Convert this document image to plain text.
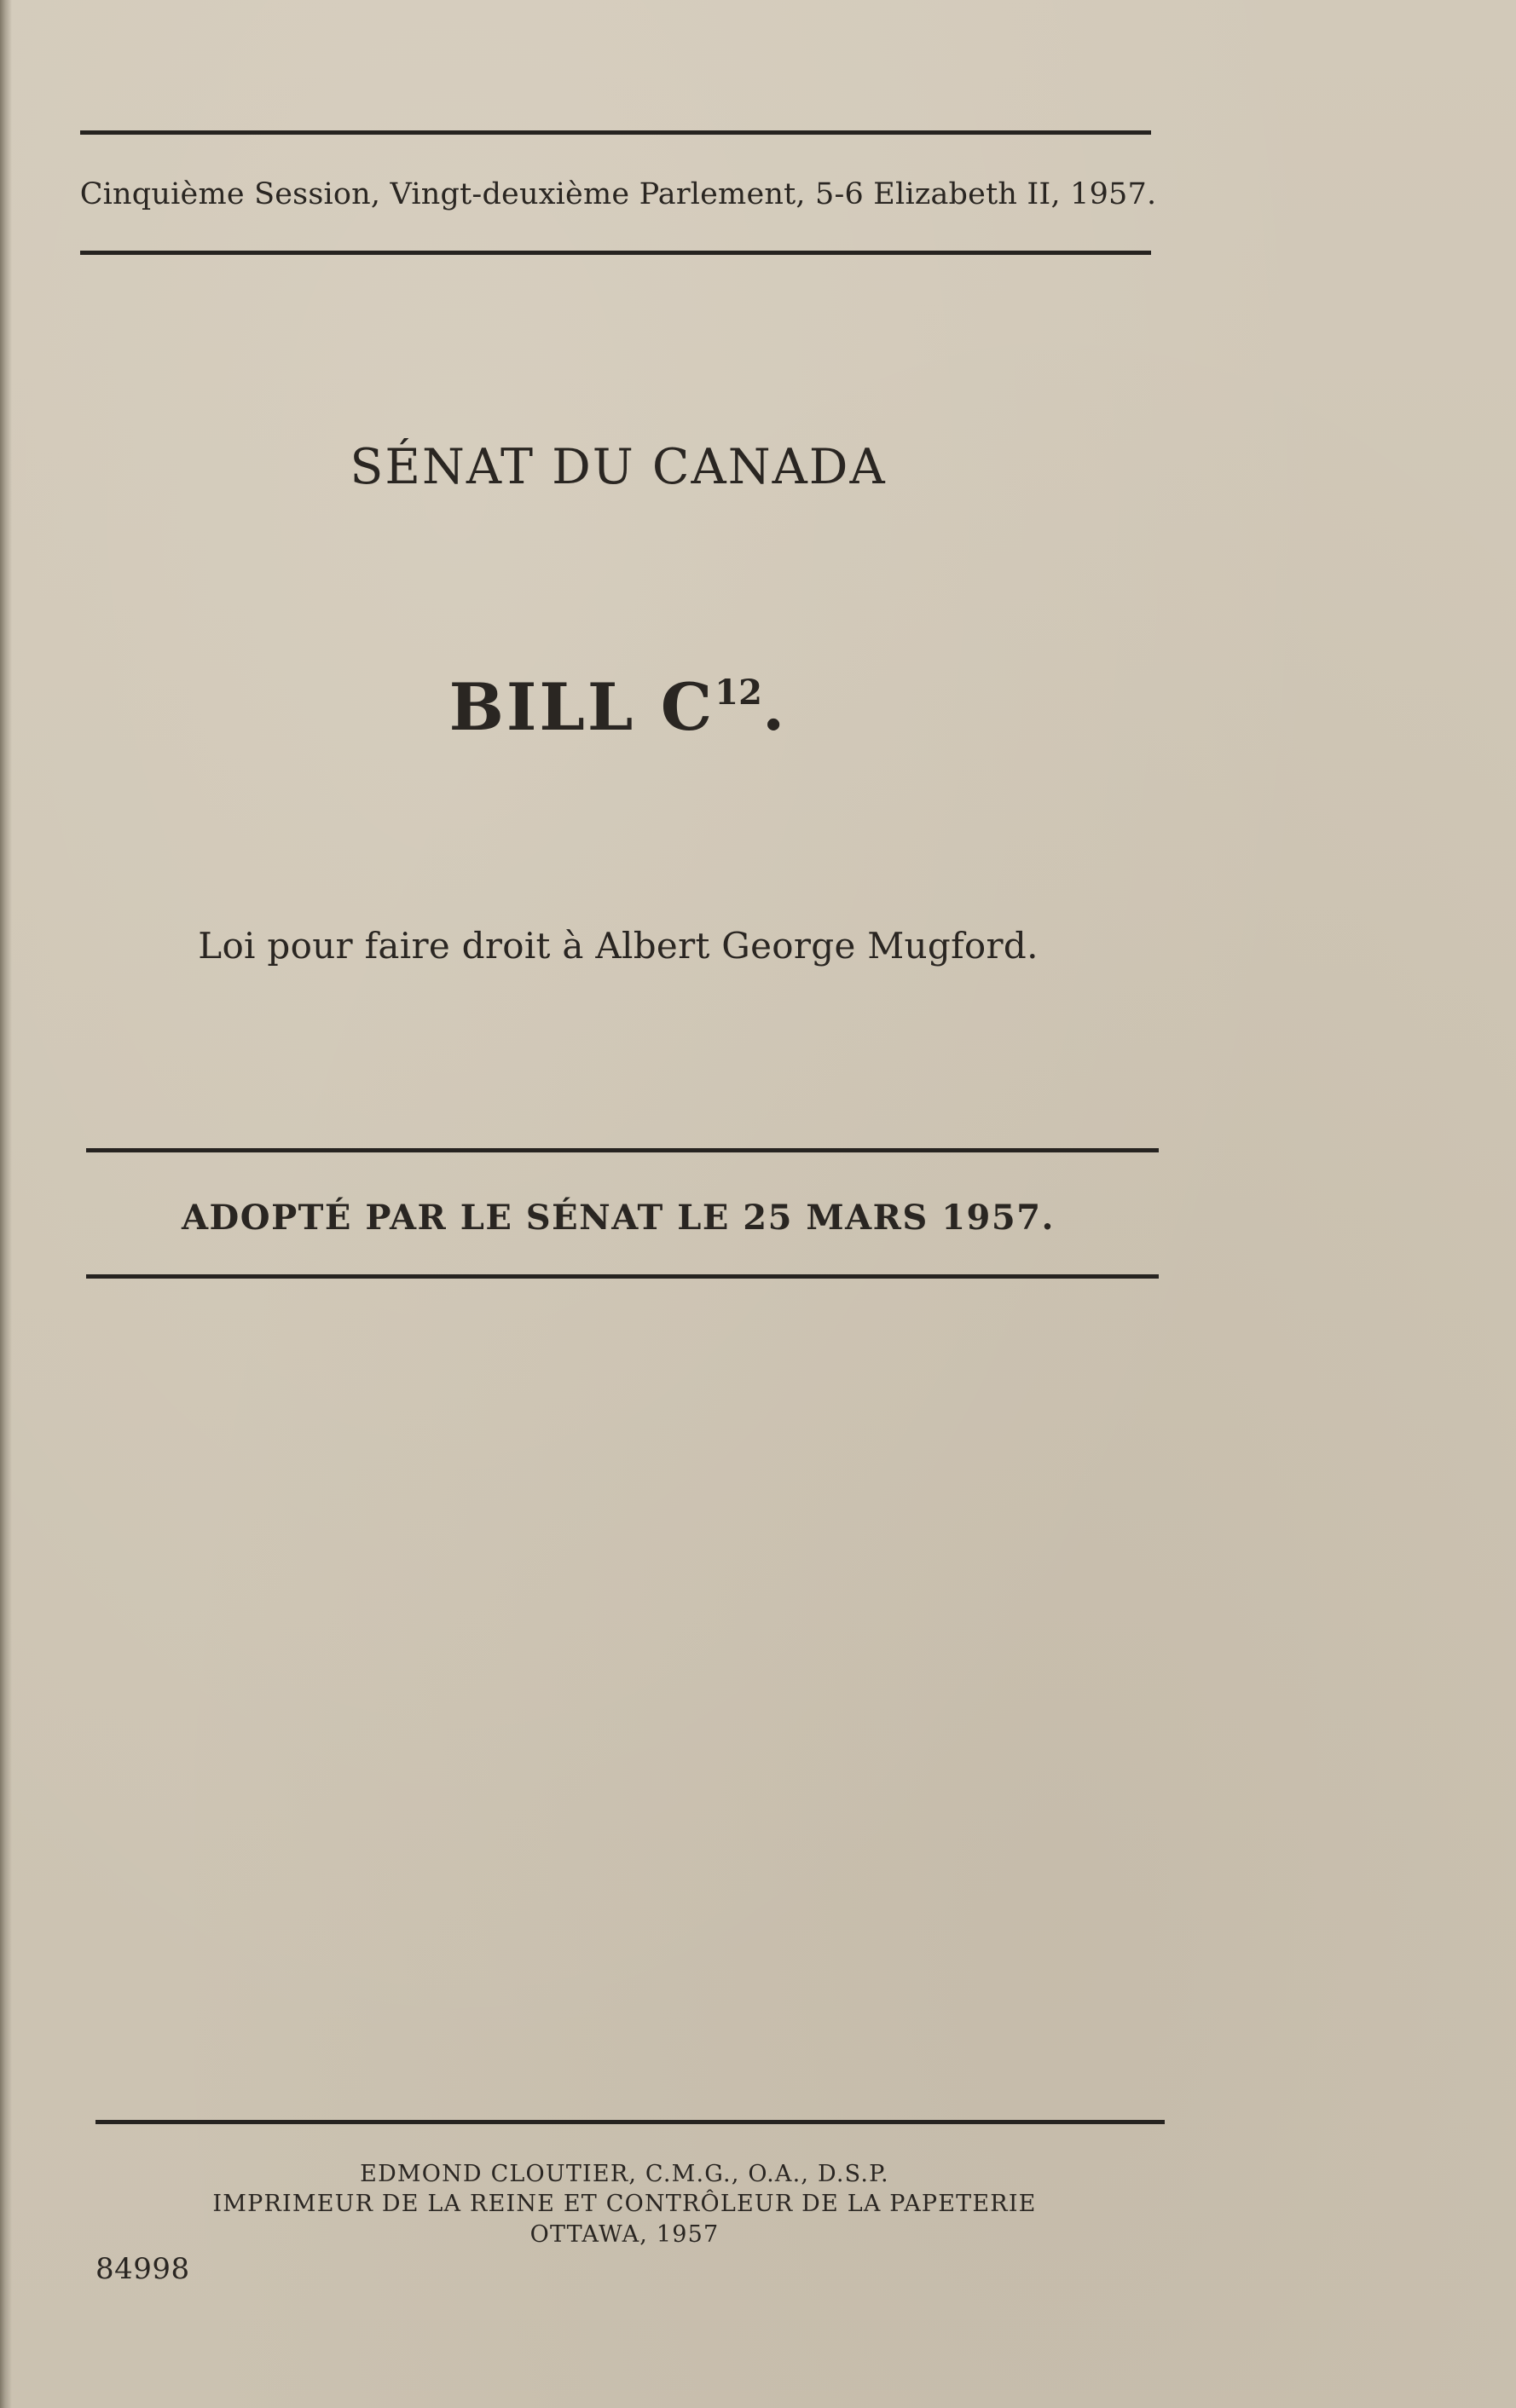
Cinquième Session, Vingt-deuxième Parlement, 5-6 Elizabeth II, 1957.
SÉNAT DU CANADA
BILL $C^{12}$.
Loi pour faire droit à Albert George Mugford.
ADOPTÉ PAR LE SÉNAT LE 25 MARS 1957.
EDMOND CLOUTIER, C.M.G., O.A., D.S.P.
IMPRIMEUR DE LA REINE ET CONTRÔLEUR DE LA PAPETERIE
OTTAWA, 1957
84998
